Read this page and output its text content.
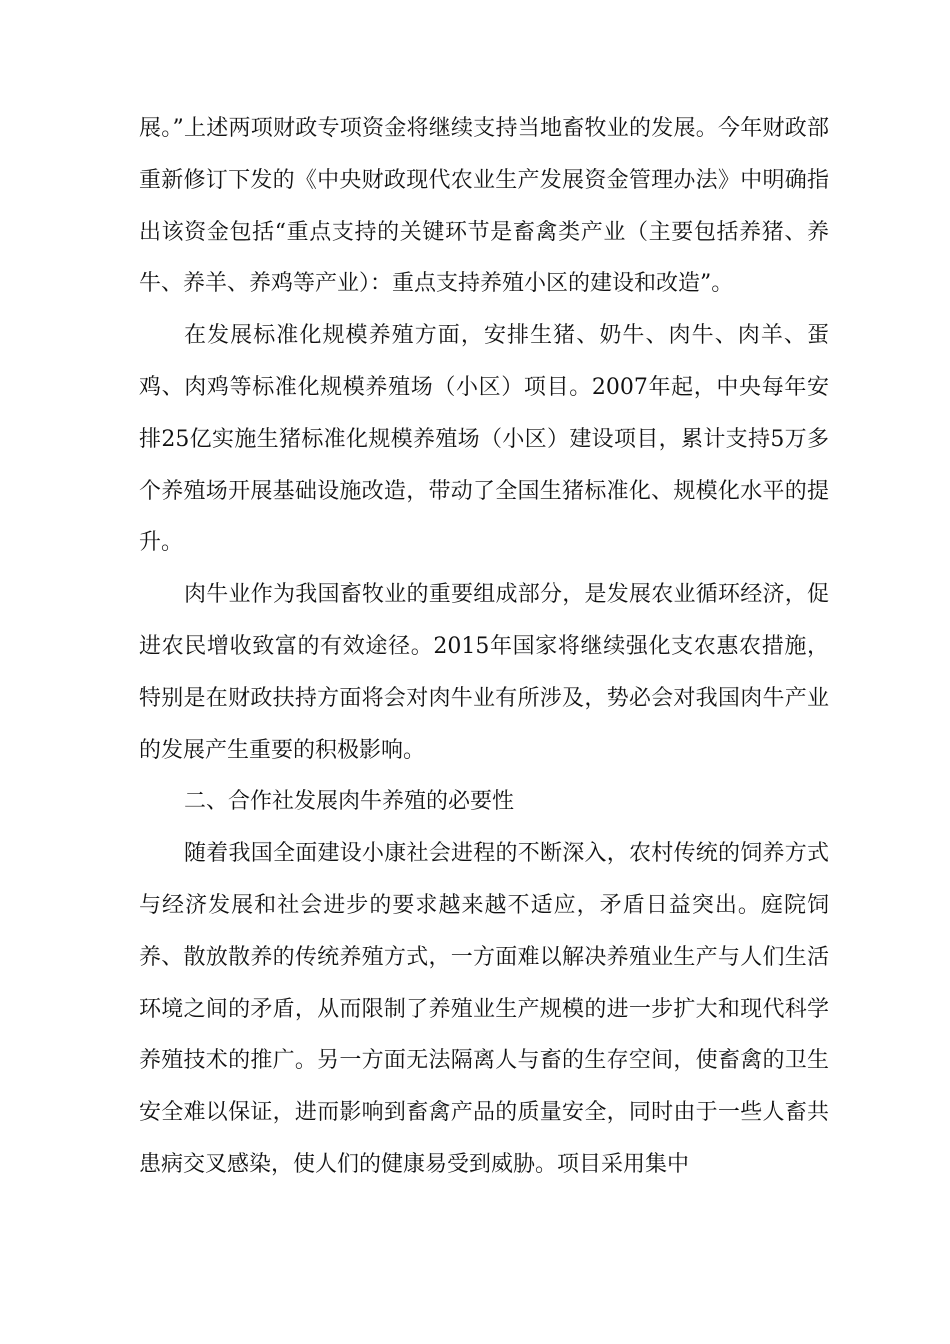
展。”上述两项财政专项资金将继续支持当地畜牧业的发展。今年财政部重新修订下发的《中央财政现代农业生产发展资金管理办法》中明确指出该资金包括“重点支持的关键环节是畜禽类产业（主要包括养猪、养牛、养羊、养鸡等产业）：重点支持养殖小区的建设和改造”。

在发展标准化规模养殖方面，安排生猪、奶牛、肉牛、肉羊、蛋鸡、肉鸡等标准化规模养殖场（小区）项目。2007年起，中央每年安排25亿实施生猪标准化规模养殖场（小区）建设项目，累计支持5万多个养殖场开展基础设施改造，带动了全国生猪标准化、规模化水平的提升。

肉牛业作为我国畜牧业的重要组成部分，是发展农业循环经济，促进农民增收致富的有效途径。2015年国家将继续强化支农惠农措施，特别是在财政扶持方面将会对肉牛业有所涉及，势必会对我国肉牛产业的发展产生重要的积极影响。

二、合作社发展肉牛养殖的必要性

随着我国全面建设小康社会进程的不断深入，农村传统的饲养方式与经济发展和社会进步的要求越来越不适应，矛盾日益突出。庭院饲养、散放散养的传统养殖方式，一方面难以解决养殖业生产与人们生活环境之间的矛盾，从而限制了养殖业生产规模的进一步扩大和现代科学养殖技术的推广。另一方面无法隔离人与畜的生存空间，使畜禽的卫生安全难以保证，进而影响到畜禽产品的质量安全，同时由于一些人畜共患病交叉感染，使人们的健康易受到威胁。项目采用集中
